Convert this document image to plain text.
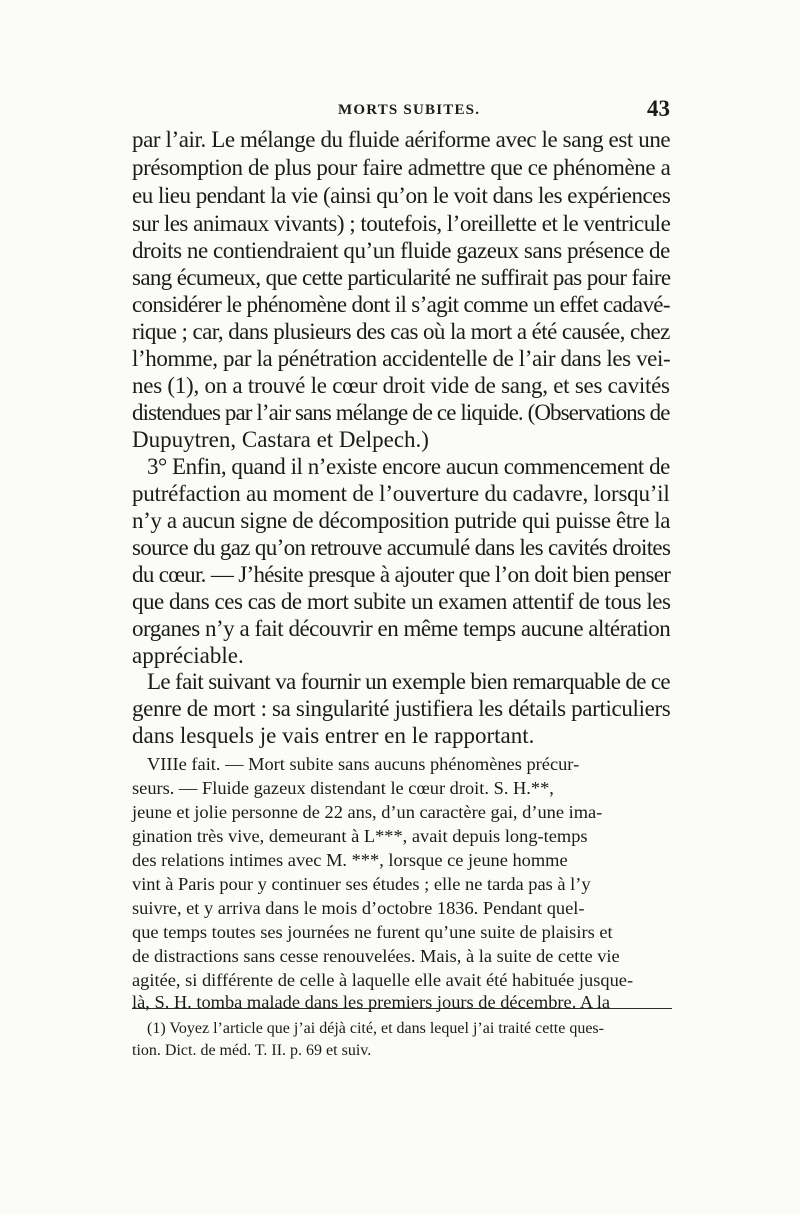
MORTS SUBITES.	43
par l’air. Le mélange du fluide aériforme avec le sang est une
présomption de plus pour faire admettre que ce phénomène a
eu lieu pendant la vie (ainsi qu’on le voit dans les expériences
sur les animaux vivants) ; toutefois, l’oreillette et le ventricule
droits ne contiendraient qu’un fluide gazeux sans présence de
sang écumeux, que cette particularité ne suffirait pas pour faire
considérer le phénomène dont il s’agit comme un effet cadavé-
rique ; car, dans plusieurs des cas où la mort a été causée, chez
l’homme, par la pénétration accidentelle de l’air dans les vei-
nes (1), on a trouvé le cœur droit vide de sang, et ses cavités
distendues par l’air sans mélange de ce liquide. (Observations de
Dupuytren, Castara et Delpech.)
3° Enfin, quand il n’existe encore aucun commencement de
putréfaction au moment de l’ouverture du cadavre, lorsqu’il
n’y a aucun signe de décomposition putride qui puisse être la
source du gaz qu’on retrouve accumulé dans les cavités droites
du cœur. — J’hésite presque à ajouter que l’on doit bien penser
que dans ces cas de mort subite un examen attentif de tous les
organes n’y a fait découvrir en même temps aucune altération
appréciable.
Le fait suivant va fournir un exemple bien remarquable de ce
genre de mort : sa singularité justifiera les détails particuliers
dans lesquels je vais entrer en le rapportant.
VIIIe fait. — Mort subite sans aucuns phénomènes précur-
seurs. — Fluide gazeux distendant le cœur droit. S. H.**,
jeune et jolie personne de 22 ans, d’un caractère gai, d’une ima-
gination très vive, demeurant à L***, avait depuis long-temps
des relations intimes avec M. ***, lorsque ce jeune homme
vint à Paris pour y continuer ses études ; elle ne tarda pas à l’y
suivre, et y arriva dans le mois d’octobre 1836. Pendant quel-
que temps toutes ses journées ne furent qu’une suite de plaisirs et
de distractions sans cesse renouvelées. Mais, à la suite de cette vie
agitée, si différente de celle à laquelle elle avait été habituée jusque-
là, S. H. tomba malade dans les premiers jours de décembre. A la
(1) Voyez l’article que j’ai déjà cité, et dans lequel j’ai traité cette ques-
tion. Dict. de méd. T. II. p. 69 et suiv.
